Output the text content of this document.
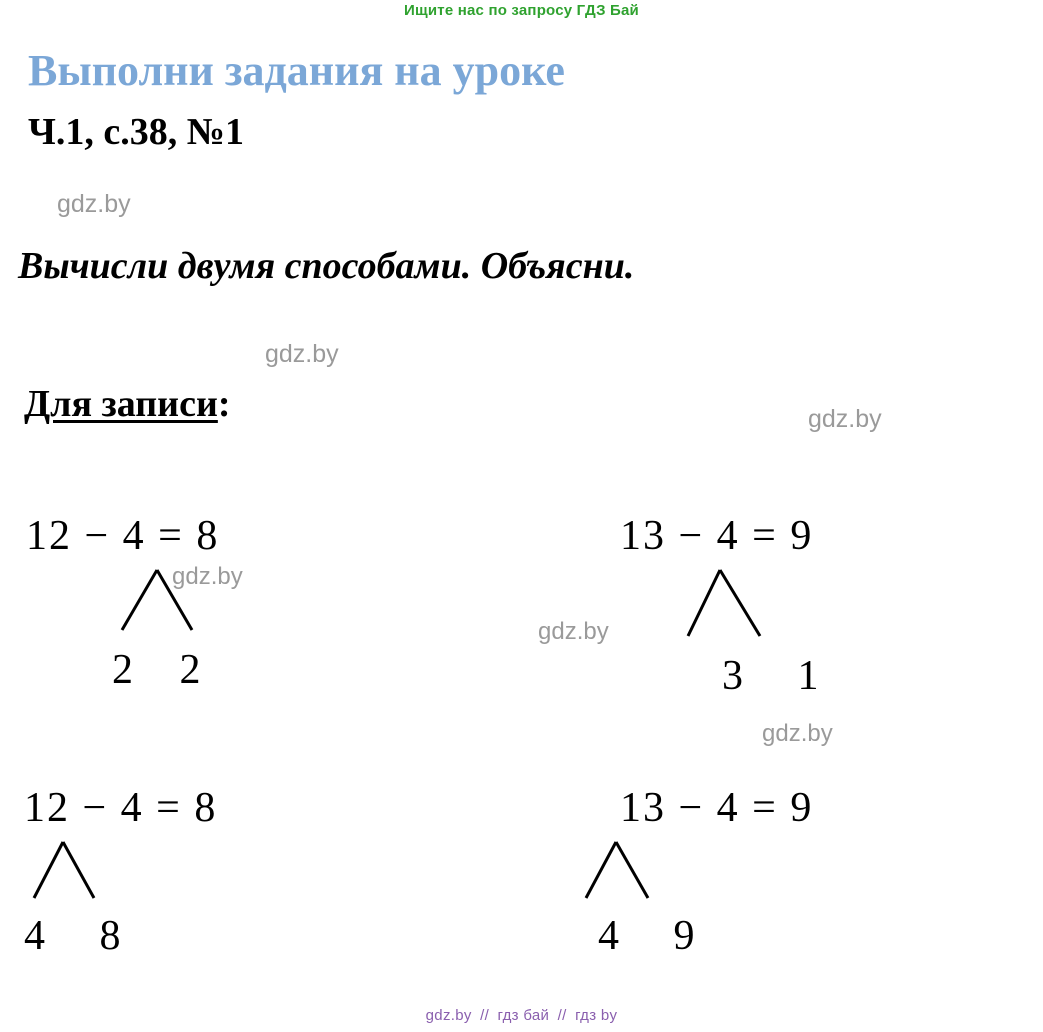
Ищите нас по запросу ГДЗ Бай
Выполни задания на уроке
Ч.1, с.38, №1
Вычисли двумя способами. Объясни.
Для записи:
gdz.by
gdz.by
gdz.by
gdz.by
gdz.by
gdz.by
12 − 4 = 8
2 2
13 − 4 = 9
3 1
12 − 4 = 8
4 8
13 − 4 = 9
4 9
gdz.by // гдз бай // гдз by
